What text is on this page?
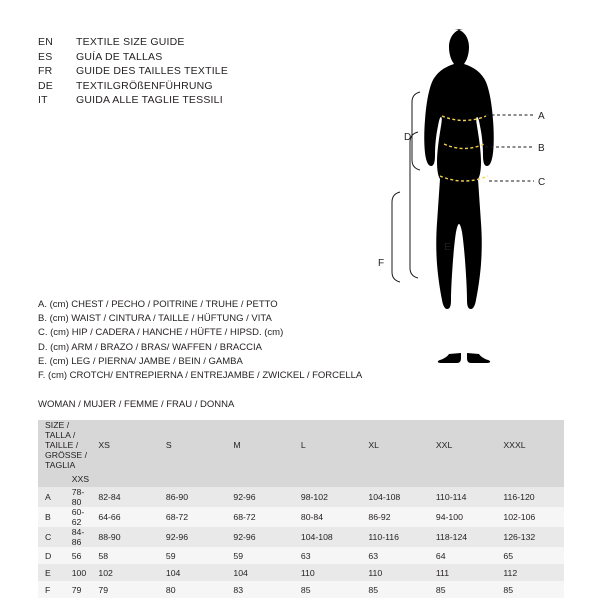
EN	TEXTILE SIZE GUIDE
ES	GUÍA DE TALLAS
FR	GUIDE DES TAILLES TEXTILE
DE	TEXTILGRÖßENFÜHRUNG
IT	GUIDA ALLE TAGLIE TESSILI
A
B
C
D
E
F
A. (cm) CHEST / PECHO / POITRINE / TRUHE / PETTO
B. (cm) WAIST / CINTURA / TAILLE / HÜFTUNG / VITA
C. (cm) HIP / CADERA / HANCHE / HÜFTE / HIPSD. (cm)
D. (cm) ARM / BRAZO / BRAS/ WAFFEN / BRACCIA
E. (cm) LEG / PIERNA/ JAMBE / BEIN / GAMBA
F. (cm) CROTCH/ ENTREPIERNA / ENTREJAMBE / ZWICKEL / FORCELLA
WOMAN / MUJER / FEMME / FRAU / DONNA
SIZE / TALLA / TAILLE / GRÖSSE / TAGLIA		XS	S	M	L	XL	XXL	XXXL
	XXS							
A	78-80	82-84	86-90	92-96	98-102	104-108	110-114	116-120
B	60-62	64-66	68-72	68-72	80-84	86-92	94-100	102-106
C	84-86	88-90	92-96	92-96	104-108	110-116	118-124	126-132
D	56	58	59	59	63	63	64	65
E	100	102	104	104	110	110	111	112
F	79	79	80	83	85	85	85	85
